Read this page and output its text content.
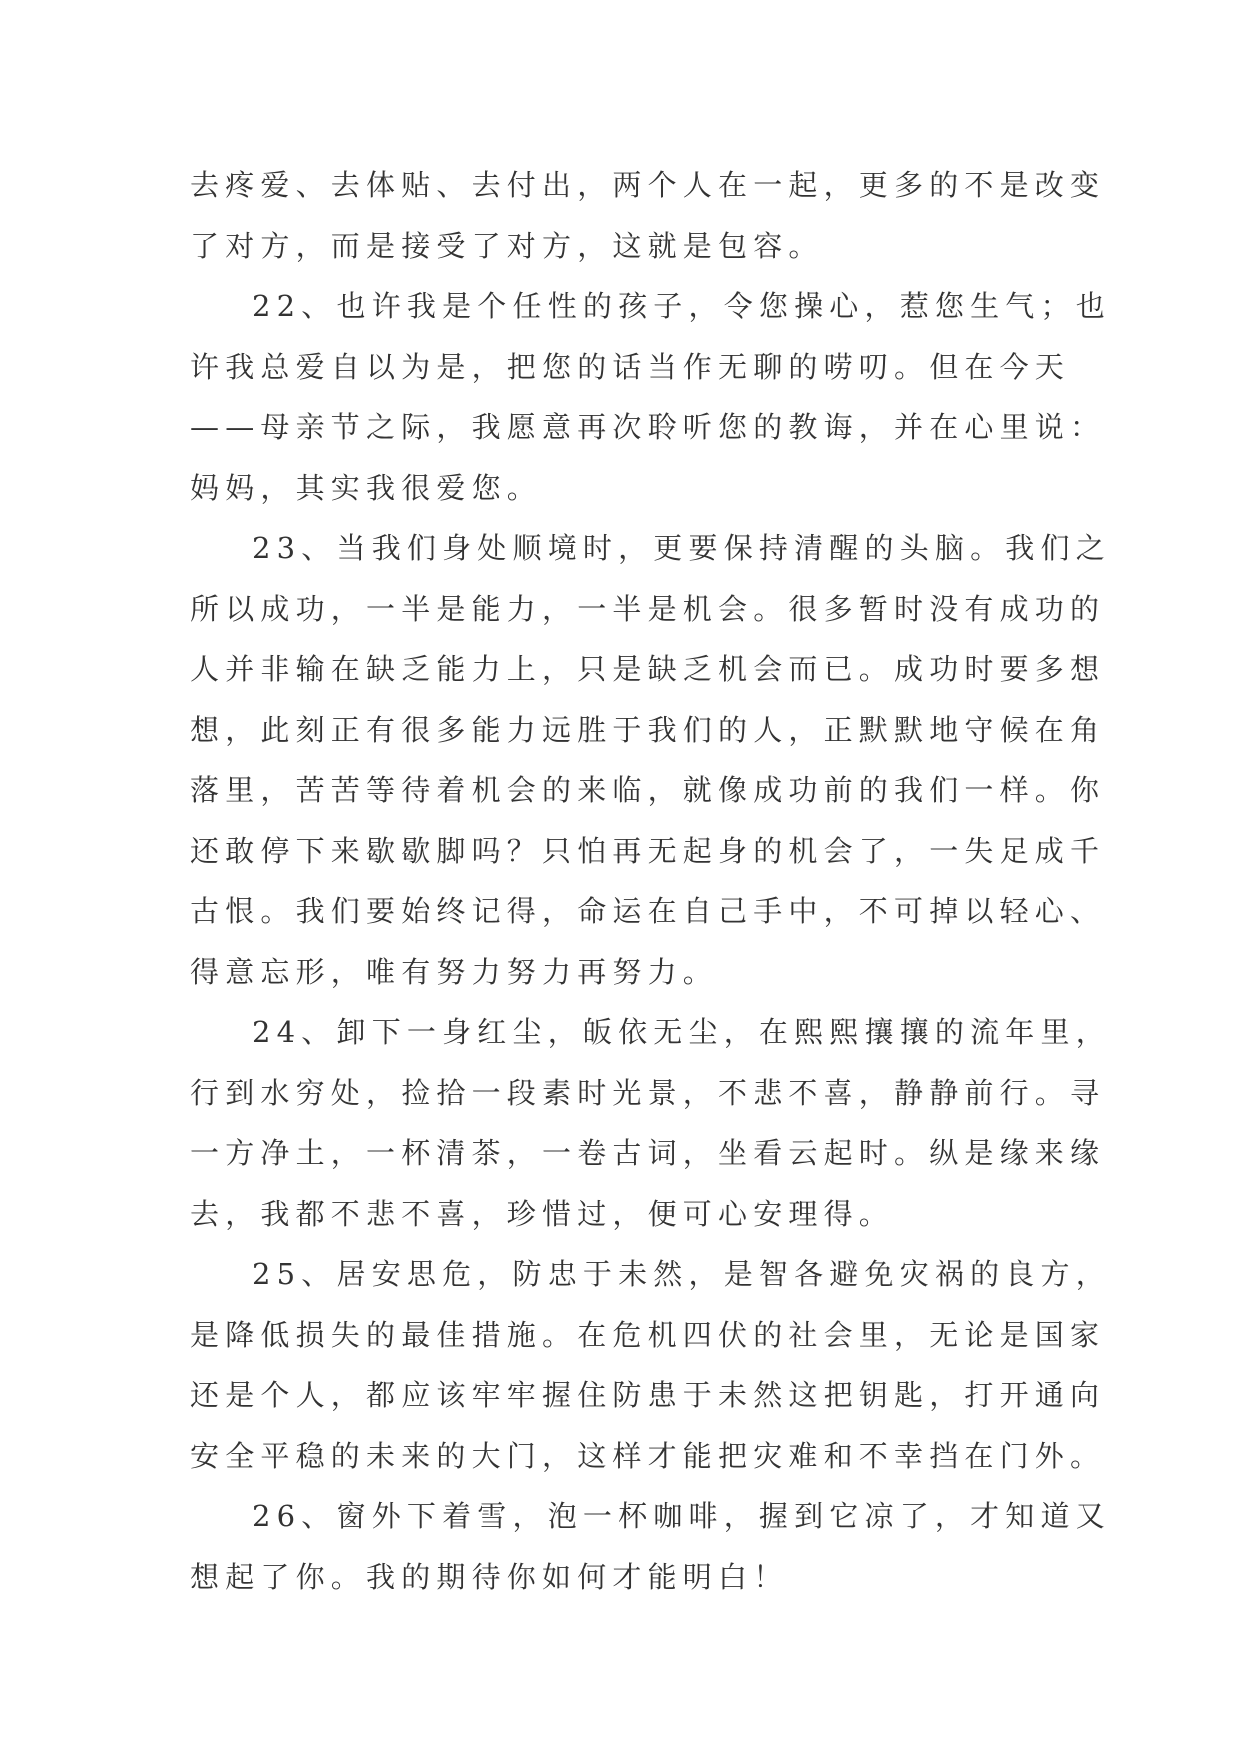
去疼爱、去体贴、去付出，两个人在一起，更多的不是改变
了对方，而是接受了对方，这就是包容。
22、也许我是个任性的孩子，令您操心，惹您生气；也
许我总爱自以为是，把您的话当作无聊的唠叨。但在今天
——母亲节之际，我愿意再次聆听您的教诲，并在心里说：
妈妈，其实我很爱您。
23、当我们身处顺境时，更要保持清醒的头脑。我们之
所以成功，一半是能力，一半是机会。很多暂时没有成功的
人并非输在缺乏能力上，只是缺乏机会而已。成功时要多想
想，此刻正有很多能力远胜于我们的人，正默默地守候在角
落里，苦苦等待着机会的来临，就像成功前的我们一样。你
还敢停下来歇歇脚吗？只怕再无起身的机会了，一失足成千
古恨。我们要始终记得，命运在自己手中，不可掉以轻心、
得意忘形，唯有努力努力再努力。
24、卸下一身红尘，皈依无尘，在熙熙攘攘的流年里，
行到水穷处，捡拾一段素时光景，不悲不喜，静静前行。寻
一方净土，一杯清茶，一卷古词，坐看云起时。纵是缘来缘
去，我都不悲不喜，珍惜过，便可心安理得。
25、居安思危，防忠于未然，是智各避免灾祸的良方，
是降低损失的最佳措施。在危机四伏的社会里，无论是国家
还是个人，都应该牢牢握住防患于未然这把钥匙，打开通向
安全平稳的未来的大门，这样才能把灾难和不幸挡在门外。
26、窗外下着雪，泡一杯咖啡，握到它凉了，才知道又
想起了你。我的期待你如何才能明白！
